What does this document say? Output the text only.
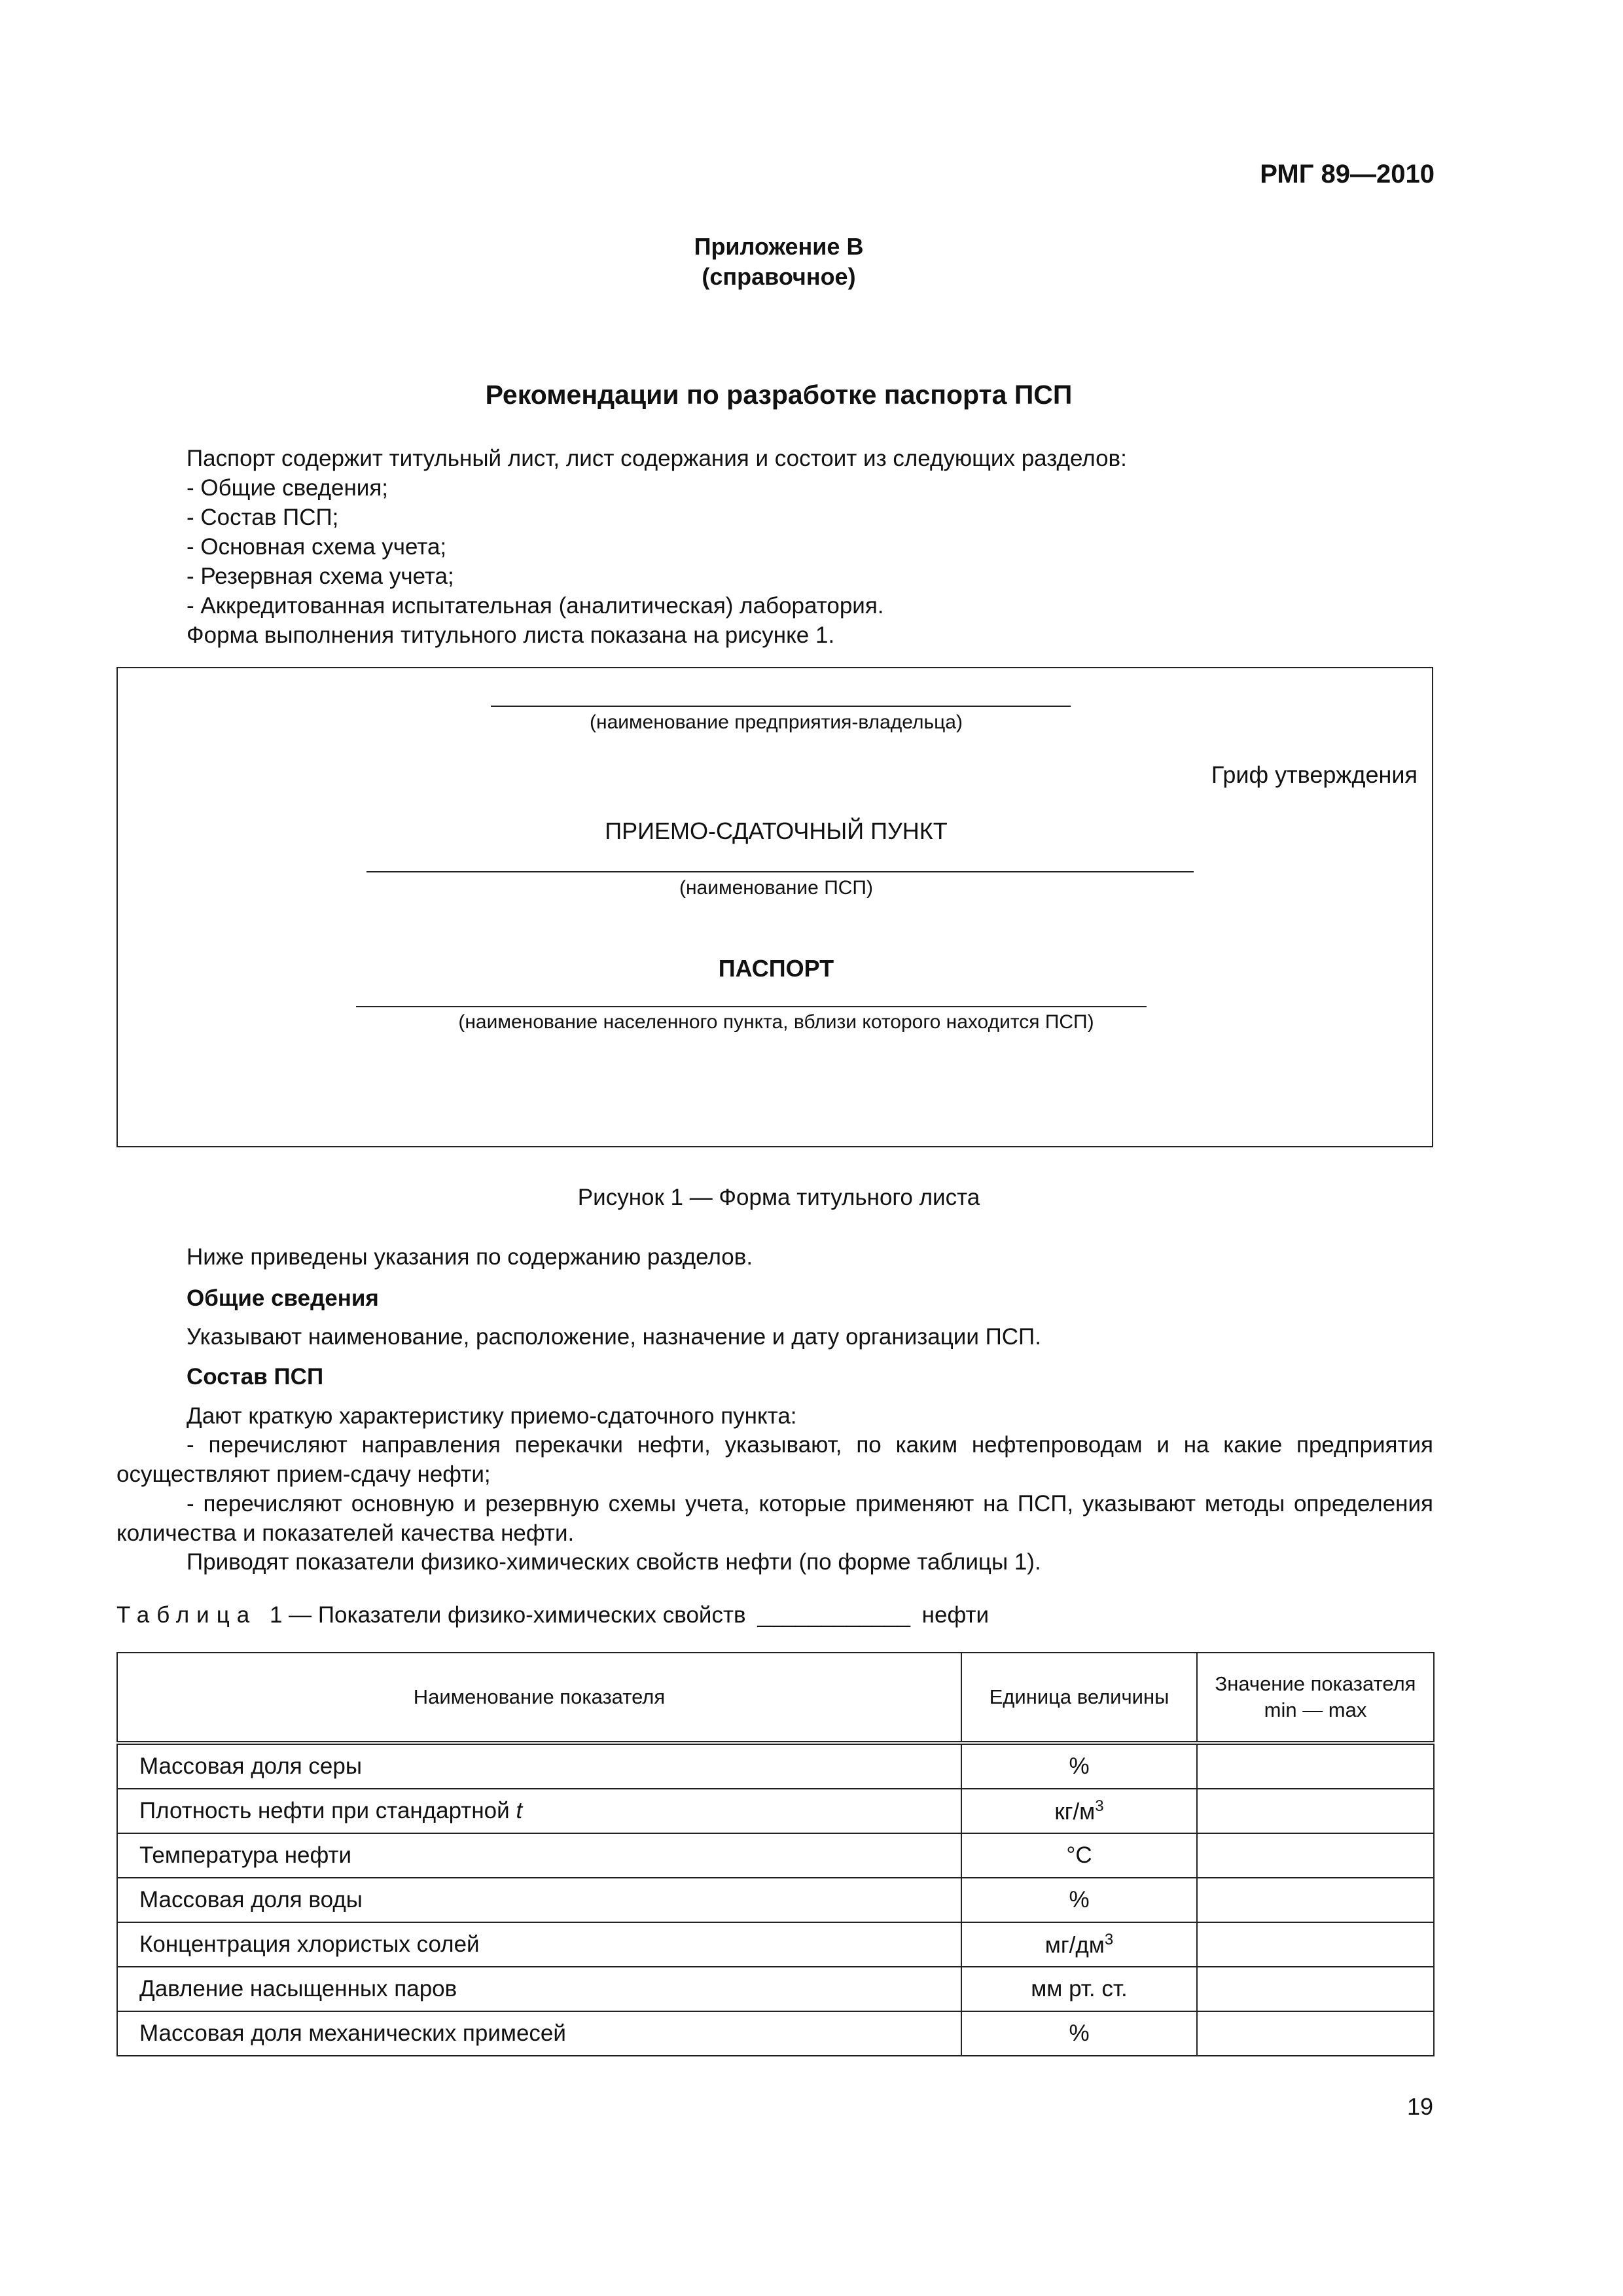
РМГ 89—2010
Приложение В
(справочное)
Рекомендации по разработке паспорта ПСП
Паспорт содержит титульный лист, лист содержания и состоит из следующих разделов:
- Общие сведения;
- Состав ПСП;
- Основная схема учета;
- Резервная схема учета;
- Аккредитованная испытательная (аналитическая) лаборатория.
Форма выполнения титульного листа показана на рисунке 1.
(наименование предприятия-владельца)
Гриф утверждения
ПРИЕМО-СДАТОЧНЫЙ ПУНКТ
(наименование ПСП)
ПАСПОРТ
(наименование населенного пункта, вблизи которого находится ПСП)
Рисунок 1 — Форма титульного листа
Ниже приведены указания по содержанию разделов.
Общие сведения
Указывают наименование, расположение, назначение и дату организации ПСП.
Состав ПСП
Дают краткую характеристику приемо-сдаточного пункта:
- перечисляют направления перекачки нефти, указывают, по каким нефтепроводам и на какие предприятия осуществляют прием-сдачу нефти;
- перечисляют основную и резервную схемы учета, которые применяют на ПСП, указывают методы определения количества и показателей качества нефти.
Приводят показатели физико-химических свойств нефти (по форме таблицы 1).
Таблица 1 — Показатели физико-химических свойств ____________ нефти
Наименование показателя	Единица величины	Значение показателя
min — max

Массовая доля серы	%	
Плотность нефти при стандартной t	$кг/м^3$	
Температура нефти	°С	
Массовая доля воды	%	
Концентрация хлористых солей	$мг/дм^3$	
Давление насыщенных паров	мм рт. ст.	
Массовая доля механических примесей	%	
19
